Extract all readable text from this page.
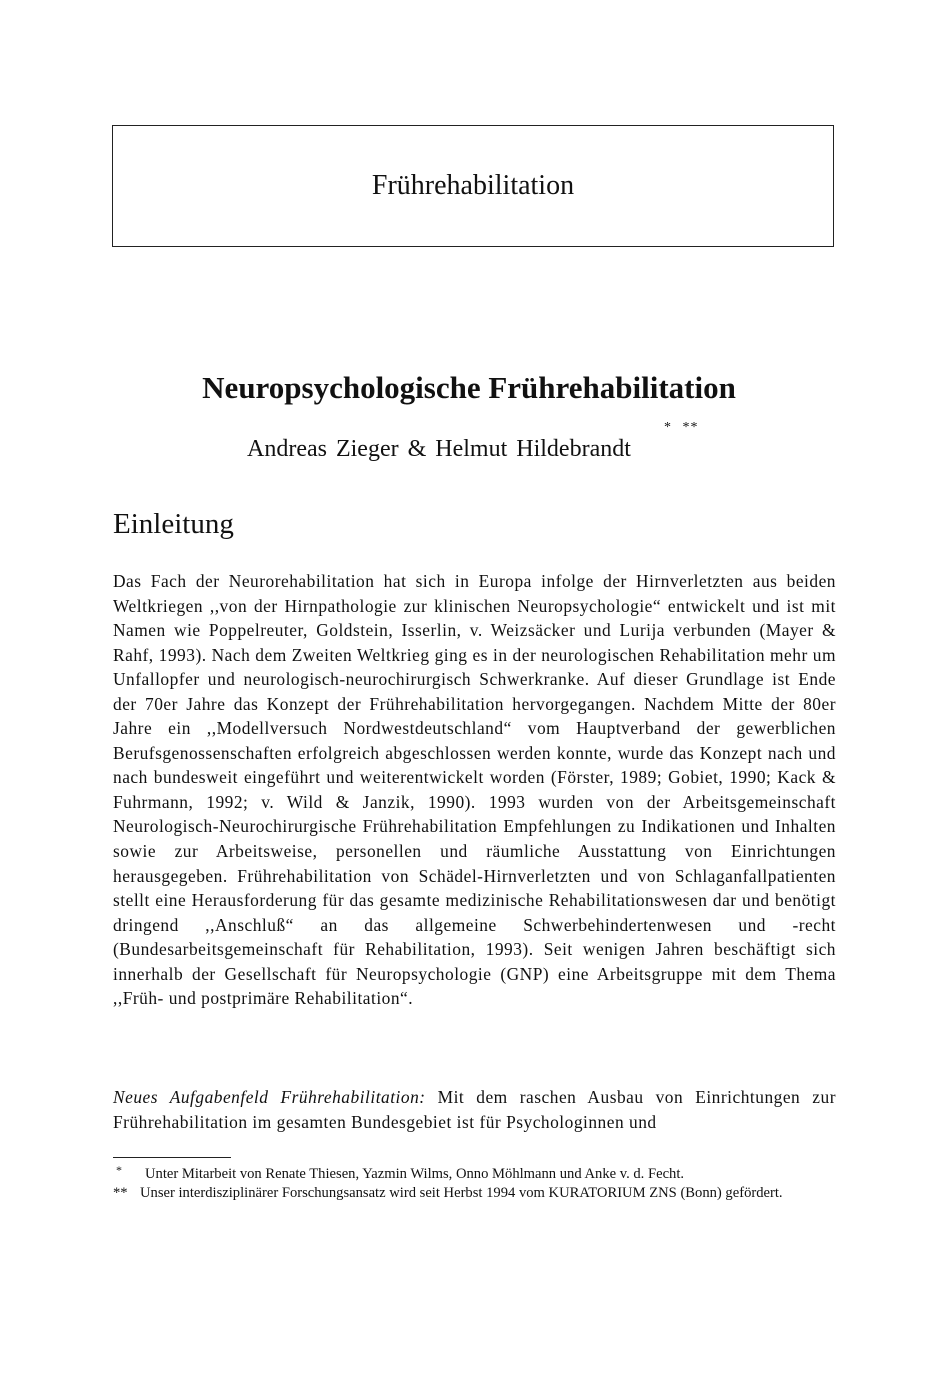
Frührehabilitation
Neuropsychologische Frührehabilitation
Andreas Zieger & Helmut Hildebrandt
* **
Einleitung

Das Fach der Neurorehabilitation hat sich in Europa infolge der Hirnverletzten aus beiden Weltkriegen ,,von der Hirnpathologie zur klinischen Neuropsychologie“ entwickelt und ist mit Namen wie Poppelreuter, Goldstein, Isserlin, v. Weizsäcker und Lurija verbunden (Mayer & Rahf, 1993). Nach dem Zweiten Weltkrieg ging es in der neurologischen Rehabilitation mehr um Unfallopfer und neurologisch-neurochirurgisch Schwerkranke. Auf dieser Grundlage ist Ende der 70er Jahre das Konzept der Frührehabilitation hervorgegangen. Nachdem Mitte der 80er Jahre ein ,,Modellversuch Nordwestdeutschland“ vom Hauptverband der gewerblichen Berufsgenossenschaften erfolgreich abgeschlossen werden konnte, wurde das Konzept nach und nach bundesweit eingeführt und weiterentwickelt worden (Förster, 1989; Gobiet, 1990; Kack & Fuhrmann, 1992; v. Wild & Janzik, 1990). 1993 wurden von der Arbeitsgemeinschaft Neurologisch-Neurochirurgische Frührehabilitation Empfehlungen zu Indikationen und Inhalten sowie zur Arbeitsweise, personellen und räumliche Ausstattung von Einrichtungen herausgegeben. Frührehabilitation von Schädel-Hirnverletzten und von Schlaganfallpatienten stellt eine Herausforderung für das gesamte medizinische Rehabilitationswesen dar und benötigt dringend ,,Anschluß“ an das allgemeine Schwerbehindertenwesen und -recht (Bundesarbeitsgemeinschaft für Rehabilitation, 1993). Seit wenigen Jahren beschäftigt sich innerhalb der Gesellschaft für Neuropsychologie (GNP) eine Arbeitsgruppe mit dem Thema ,,Früh- und postprimäre Rehabilitation“.

Neues Aufgabenfeld Frührehabilitation: Mit dem raschen Ausbau von Einrichtungen zur Frührehabilitation im gesamten Bundesgebiet ist für Psychologinnen und

*	Unter Mitarbeit von Renate Thiesen, Yazmin Wilms, Onno Möhlmann und Anke v. d. Fecht.
** Unser interdisziplinärer Forschungsansatz wird seit Herbst 1994 vom KURATORIUM ZNS (Bonn) gefördert.
